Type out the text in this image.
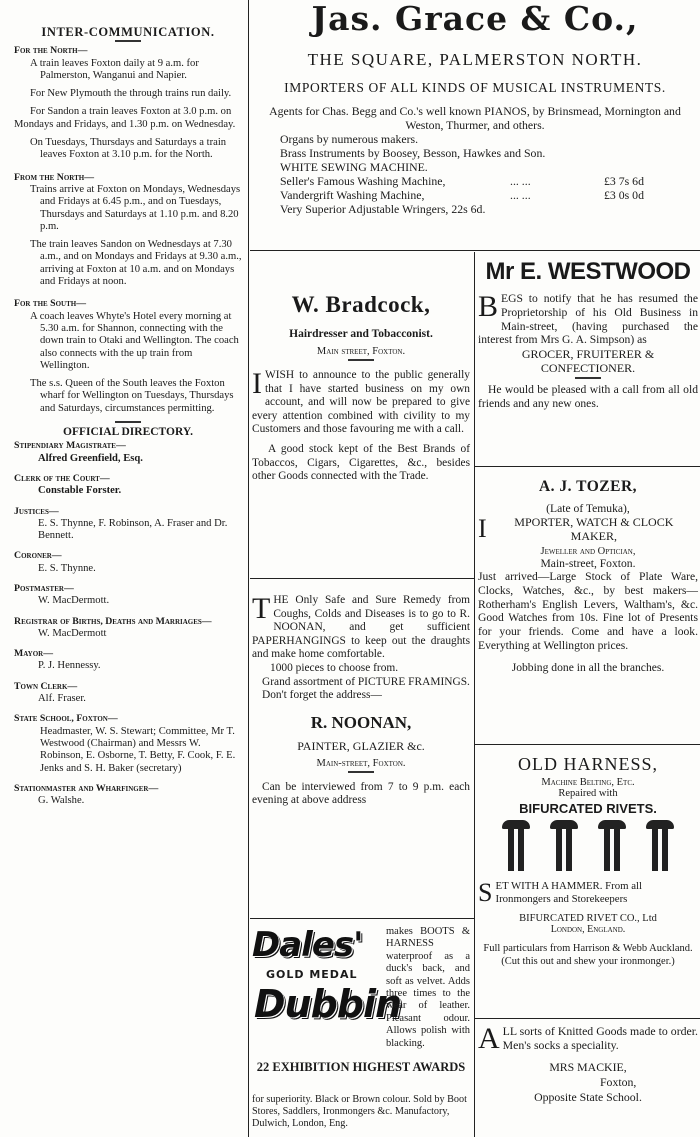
INTER-COMMUNICATION.
For the North—
A train leaves Foxton daily at 9 a.m. for Palmerston, Wanganui and Napier.
For New Plymouth the through trains run daily.
For Sandon a train leaves Foxton at 3.0 p.m. on Mondays and Fridays, and 1.30 p.m. on Wednesday.
On Tuesdays, Thursdays and Saturdays a train leaves Foxton at 3.10 p.m. for the North.
From the North—
Trains arrive at Foxton on Mondays, Wednesdays and Fridays at 6.45 p.m., and on Tuesdays, Thursdays and Saturdays at 1.10 p.m. and 8.20 p.m.
The train leaves Sandon on Wednesdays at 7.30 a.m., and on Mondays and Fridays at 9.30 a.m., arriving at Foxton at 10 a.m. and on Mondays and Fridays at noon.
For the South—
A coach leaves Whyte's Hotel every morning at 5.30 a.m. for Shannon, connecting with the down train to Otaki and Wellington. The coach also connects with the up train from Wellington.
The s.s. Queen of the South leaves the Foxton wharf for Wellington on Tuesdays, Thursdays and Saturdays, circumstances permitting.
OFFICIAL DIRECTORY.
Stipendiary Magistrate—
Alfred Greenfield, Esq.
Clerk of the Court—
Constable Forster.
Justices—
E. S. Thynne, F. Robinson, A. Fraser and Dr. Bennett.
Coroner—
E. S. Thynne.
Postmaster—
W. MacDermott.
Registrar of Births, Deaths and Marriages—
W. MacDermott
Mayor—
P. J. Hennessy.
Town Clerk—
Alf. Fraser.
State School, Foxton—
Headmaster, W. S. Stewart; Committee, Mr T. Westwood (Chairman) and Messrs W. Robinson, E. Osborne, T. Betty, F. Cook, F. E. Jenks and S. H. Baker (secretary)
Stationmaster and Wharfinger—
G. Walshe.
Jas. Grace & Co.,
THE SQUARE, PALMERSTON NORTH.
IMPORTERS OF ALL KINDS OF MUSICAL INSTRUMENTS.
Agents for Chas. Begg and Co.'s well known PIANOS, by Brinsmead, Mornington and Weston, Thurmer, and others.
Organs by numerous makers.
Brass Instruments by Boosey, Besson, Hawkes and Son.
WHITE SEWING MACHINE.
Seller's Famous Washing Machine,	... ...	£3 7s 6d
Vandergrift Washing Machine,	... ...	£3 0s 0d
Very Superior Adjustable Wringers, 22s 6d.
W. Bradcock,
Hairdresser and Tobacconist.
Main street, Foxton.
IWISH to announce to the public generally that I have started business on my own account, and will now be prepared to give every attention combined with civility to my Customers and those favouring me with a call.
A good stock kept of the Best Brands of Tobaccos, Cigars, Cigarettes, &c., besides other Goods connected with the Trade.
THE Only Safe and Sure Remedy from Coughs, Colds and Diseases is to go to R. NOONAN, and get sufficient PAPERHANGINGS to keep out the draughts and make home comfortable.
1000 pieces to choose from.
Grand assortment of PICTURE FRAMINGS.
Don't forget the address—
R. NOONAN,
PAINTER, GLAZIER &c.
Main-street, Foxton.
Can be interviewed from 7 to 9 p.m. each evening at above address
Dales'
GOLD MEDAL
Dubbin
makes BOOTS & HARNESS waterproof as a duck's back, and soft as velvet. Adds three times to the wear of leather. Pleasant odour. Allows polish with blacking.
22 EXHIBITION HIGHEST AWARDS
for superiority. Black or Brown colour. Sold by Boot Stores, Saddlers, Ironmongers &c. Manufactory, Dulwich, London, Eng.
Mr E. WESTWOOD
BEGS to notify that he has resumed the Proprietorship of his Old Business in Main-street, (having purchased the interest from Mrs G. A. Simpson) as
GROCER, FRUITERER & CONFECTIONER.
He would be pleased with a call from all old friends and any new ones.
A. J. TOZER,
(Late of Temuka),
I MPORTER, WATCH & CLOCK MAKER,
Jeweller and Optician,
Main-street, Foxton.
Just arrived—Large Stock of Plate Ware, Clocks, Watches, &c., by best makers—Rotherham's English Levers, Waltham's, &c. Good Watches from 10s. Fine lot of Presents for your friends. Come and have a look. Everything at Wellington prices.
Jobbing done in all the branches.
OLD HARNESS,
Machine Belting, Etc.
Repaired with
BIFURCATED RIVETS.

SET WITH A HAMMER. From all Ironmongers and Storekeepers
BIFURCATED RIVET CO., Ltd
London, England.
Full particulars from Harrison & Webb Auckland.
(Cut this out and shew your ironmonger.)
ALL sorts of Knitted Goods made to order. Men's socks a speciality.
MRS MACKIE,
Foxton,
Opposite State School.
